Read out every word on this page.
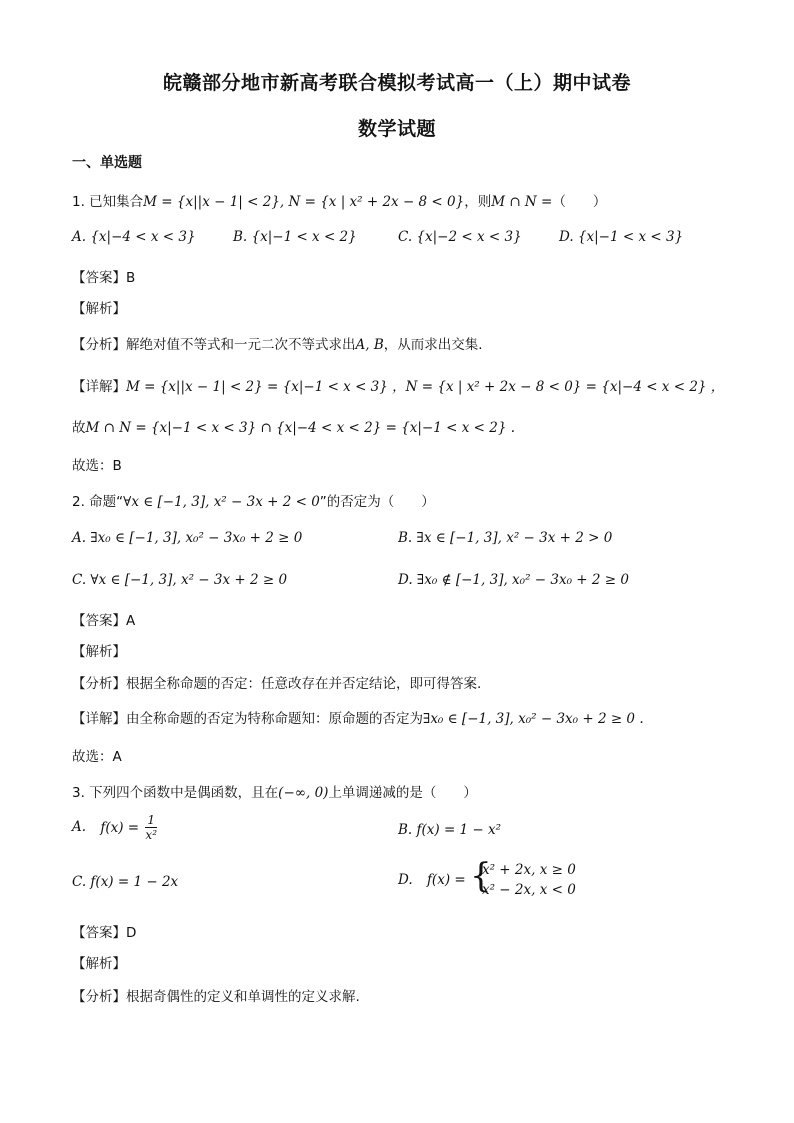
皖赣部分地市新高考联合模拟考试高一（上）期中试卷
数学试题
一、单选题
1. 已知集合M = {x||x − 1| < 2}, N = {x | x² + 2x − 8 < 0}，则M ∩ N =（　　）
A. {x|−4 < x < 3}	B. {x|−1 < x < 2}	C. {x|−2 < x < 3}	D. {x|−1 < x < 3}
【答案】B
【解析】
【分析】解绝对值不等式和一元二次不等式求出A, B，从而求出交集.
【详解】M = {x||x − 1| < 2} = {x|−1 < x < 3} ，N = {x | x² + 2x − 8 < 0} = {x|−4 < x < 2} ，
故M ∩ N = {x|−1 < x < 3} ∩ {x|−4 < x < 2} = {x|−1 < x < 2} .
故选：B
2. 命题“∀x ∈ [−1, 3], x² − 3x + 2 < 0”的否定为（　　）
A. ∃x₀ ∈ [−1, 3], x₀² − 3x₀ + 2 ≥ 0	B. ∃x ∈ [−1, 3], x² − 3x + 2 > 0
C. ∀x ∈ [−1, 3], x² − 3x + 2 ≥ 0	D. ∃x₀ ∉ [−1, 3], x₀² − 3x₀ + 2 ≥ 0
【答案】A
【解析】
【分析】根据全称命题的否定：任意改存在并否定结论，即可得答案.
【详解】由全称命题的否定为特称命题知：原命题的否定为∃x₀ ∈ [−1, 3], x₀² − 3x₀ + 2 ≥ 0 .
故选：A
3. 下列四个函数中是偶函数，且在(−∞, 0)上单调递减的是（　　）
A. $f(x) = \frac{1}{\text{x²}}$	B. f(x) = 1 − x²
C. f(x) = 1 − 2x	D. f(x) = {
x² + 2x, x ≥ 0
x² − 2x, x < 0
【答案】D
【解析】
【分析】根据奇偶性的定义和单调性的定义求解.
